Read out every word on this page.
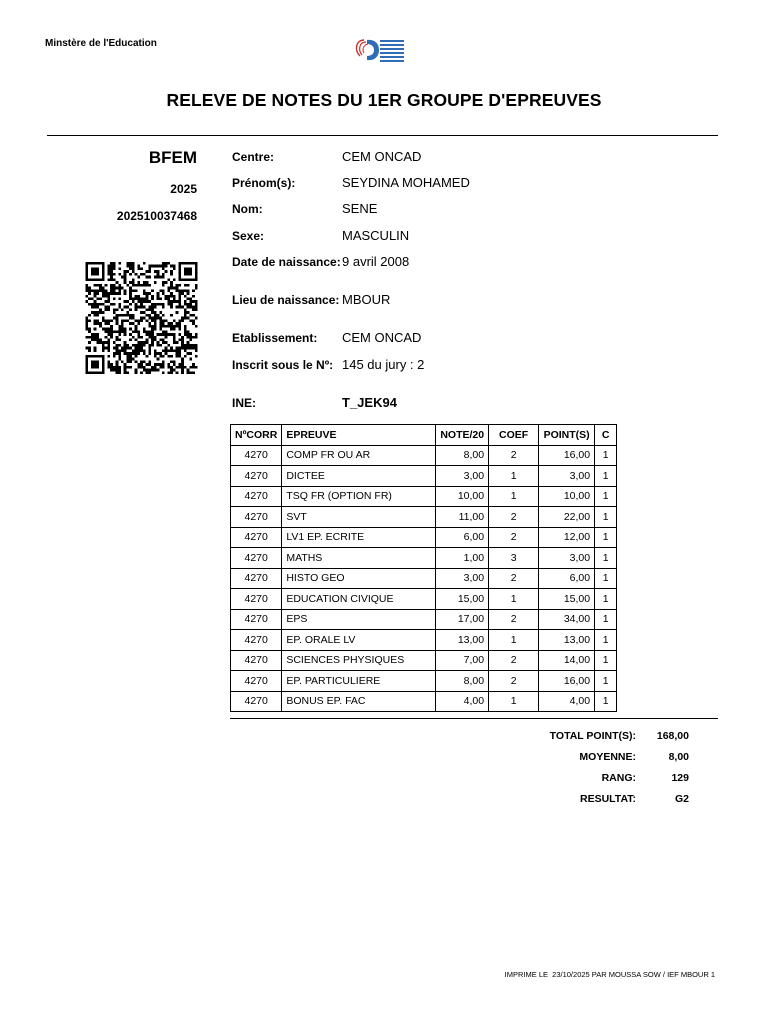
Minstère de l'Education
RELEVE DE NOTES DU 1ER GROUPE D'EPREUVES
BFEM
2025
202510037468
Centre:	CEM ONCAD
Prénom(s):	SEYDINA MOHAMED
Nom:	SENE
Sexe:	MASCULIN
Date de naissance: 9 avril 2008
Lieu de naissance: MBOUR
Etablissement:	CEM ONCAD
Inscrit sous le Nº: 145 du jury : 2
INE:	T_JEK94
NºCORR	EPREUVE	NOTE/20	COEF	POINT(S)	C
4270	COMP FR OU AR	8,00	2	16,00	1
4270	DICTEE	3,00	1	3,00	1
4270	TSQ FR (OPTION FR)	10,00	1	10,00	1
4270	SVT	11,00	2	22,00	1
4270	LV1 EP. ECRITE	6,00	2	12,00	1
4270	MATHS	1,00	3	3,00	1
4270	HISTO GEO	3,00	2	6,00	1
4270	EDUCATION CIVIQUE	15,00	1	15,00	1
4270	EPS	17,00	2	34,00	1
4270	EP. ORALE LV	13,00	1	13,00	1
4270	SCIENCES PHYSIQUES	7,00	2	14,00	1
4270	EP. PARTICULIERE	8,00	2	16,00	1
4270	BONUS EP. FAC	4,00	1	4,00	1
TOTAL POINT(S):	168,00
MOYENNE:	8,00
RANG:	129
RESULTAT:	G2
IMPRIME LE  23/10/2025 PAR MOUSSA SOW / IEF MBOUR 1
